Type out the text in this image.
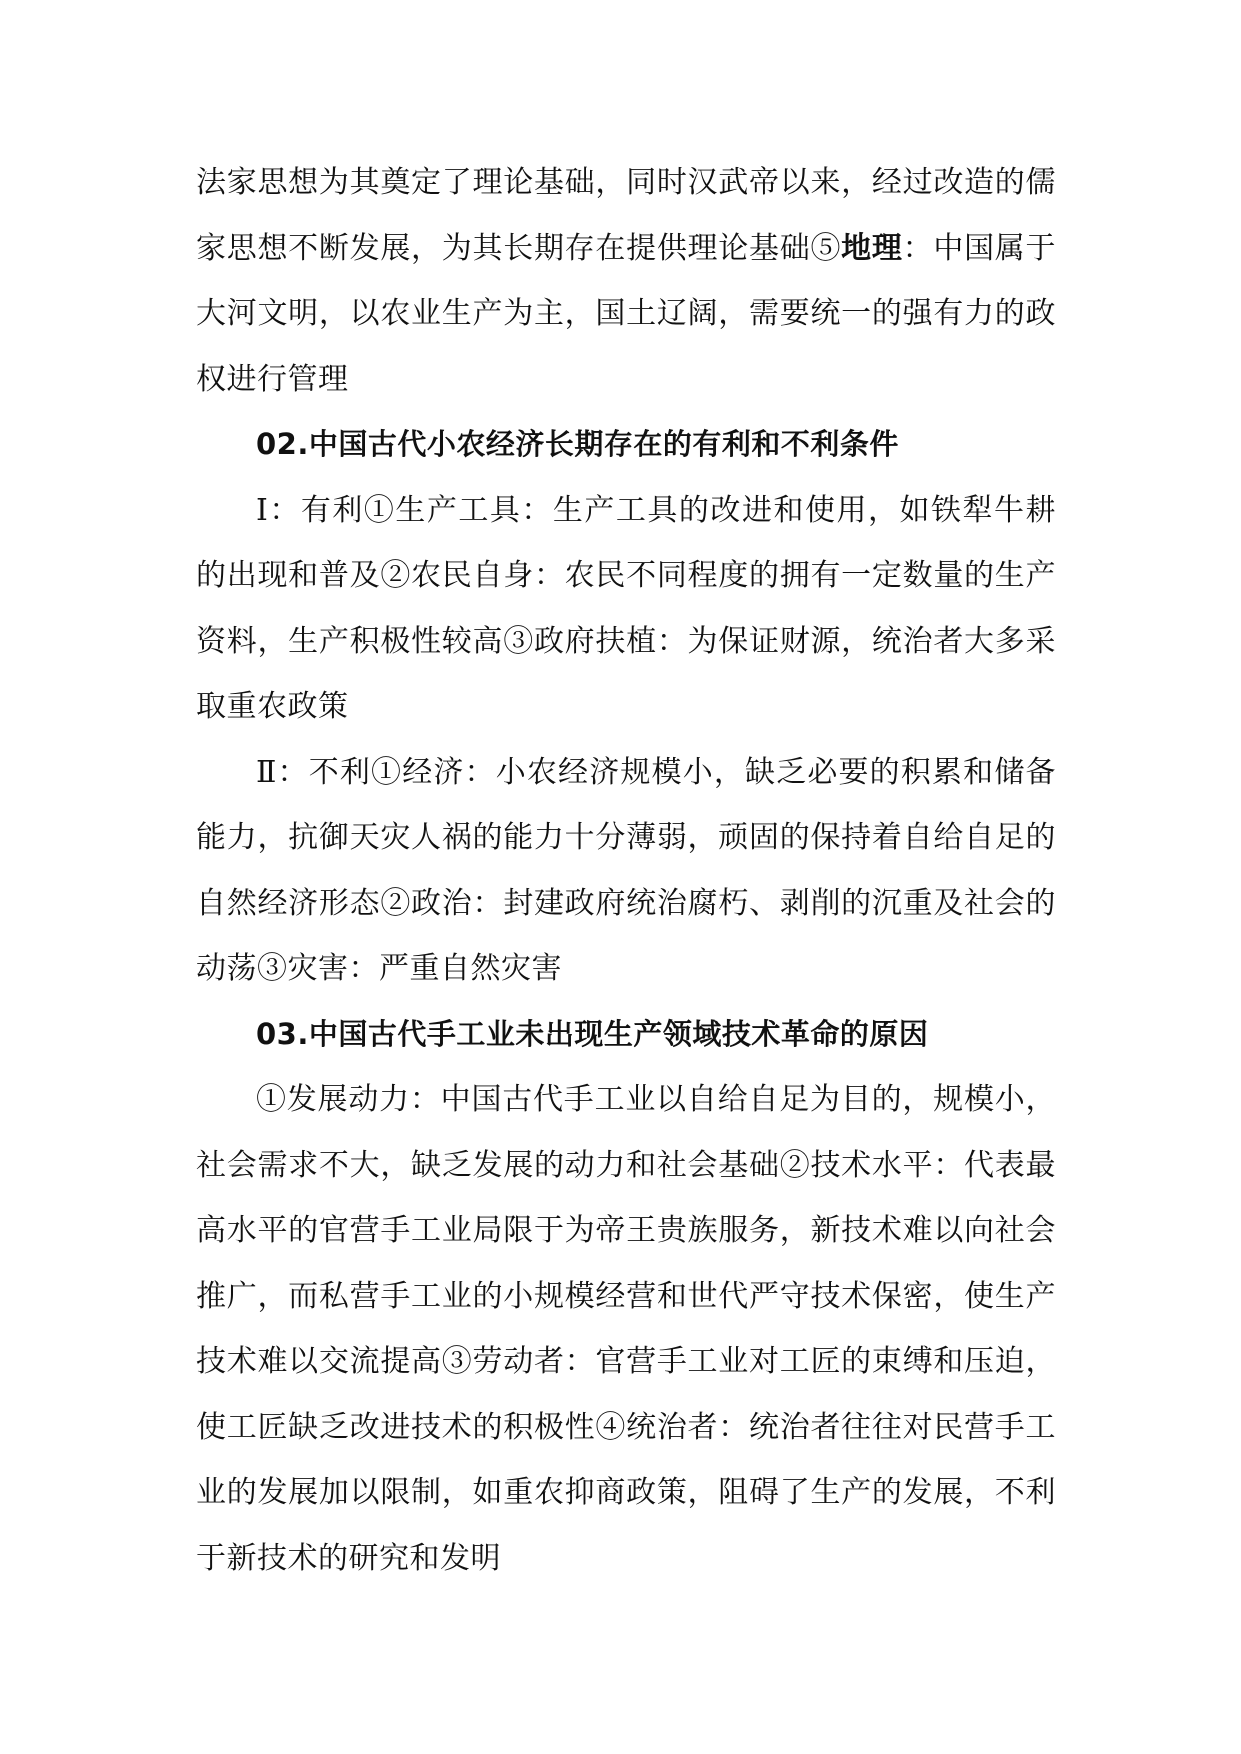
法家思想为其奠定了理论基础，同时汉武帝以来，经过改造的儒家思想不断发展，为其长期存在提供理论基础⑤地理：中国属于大河文明，以农业生产为主，国土辽阔，需要统一的强有力的政权进行管理

02.中国古代小农经济长期存在的有利和不利条件

Ⅰ：有利①生产工具：生产工具的改进和使用，如铁犁牛耕的出现和普及②农民自身：农民不同程度的拥有一定数量的生产资料，生产积极性较高③政府扶植：为保证财源，统治者大多采取重农政策

Ⅱ：不利①经济：小农经济规模小，缺乏必要的积累和储备能力，抗御天灾人祸的能力十分薄弱，顽固的保持着自给自足的自然经济形态②政治：封建政府统治腐朽、剥削的沉重及社会的动荡③灾害：严重自然灾害

03.中国古代手工业未出现生产领域技术革命的原因

①发展动力：中国古代手工业以自给自足为目的，规模小，社会需求不大，缺乏发展的动力和社会基础②技术水平：代表最高水平的官营手工业局限于为帝王贵族服务，新技术难以向社会推广，而私营手工业的小规模经营和世代严守技术保密，使生产技术难以交流提高③劳动者：官营手工业对工匠的束缚和压迫，使工匠缺乏改进技术的积极性④统治者：统治者往往对民营手工业的发展加以限制，如重农抑商政策，阻碍了生产的发展，不利于新技术的研究和发明
